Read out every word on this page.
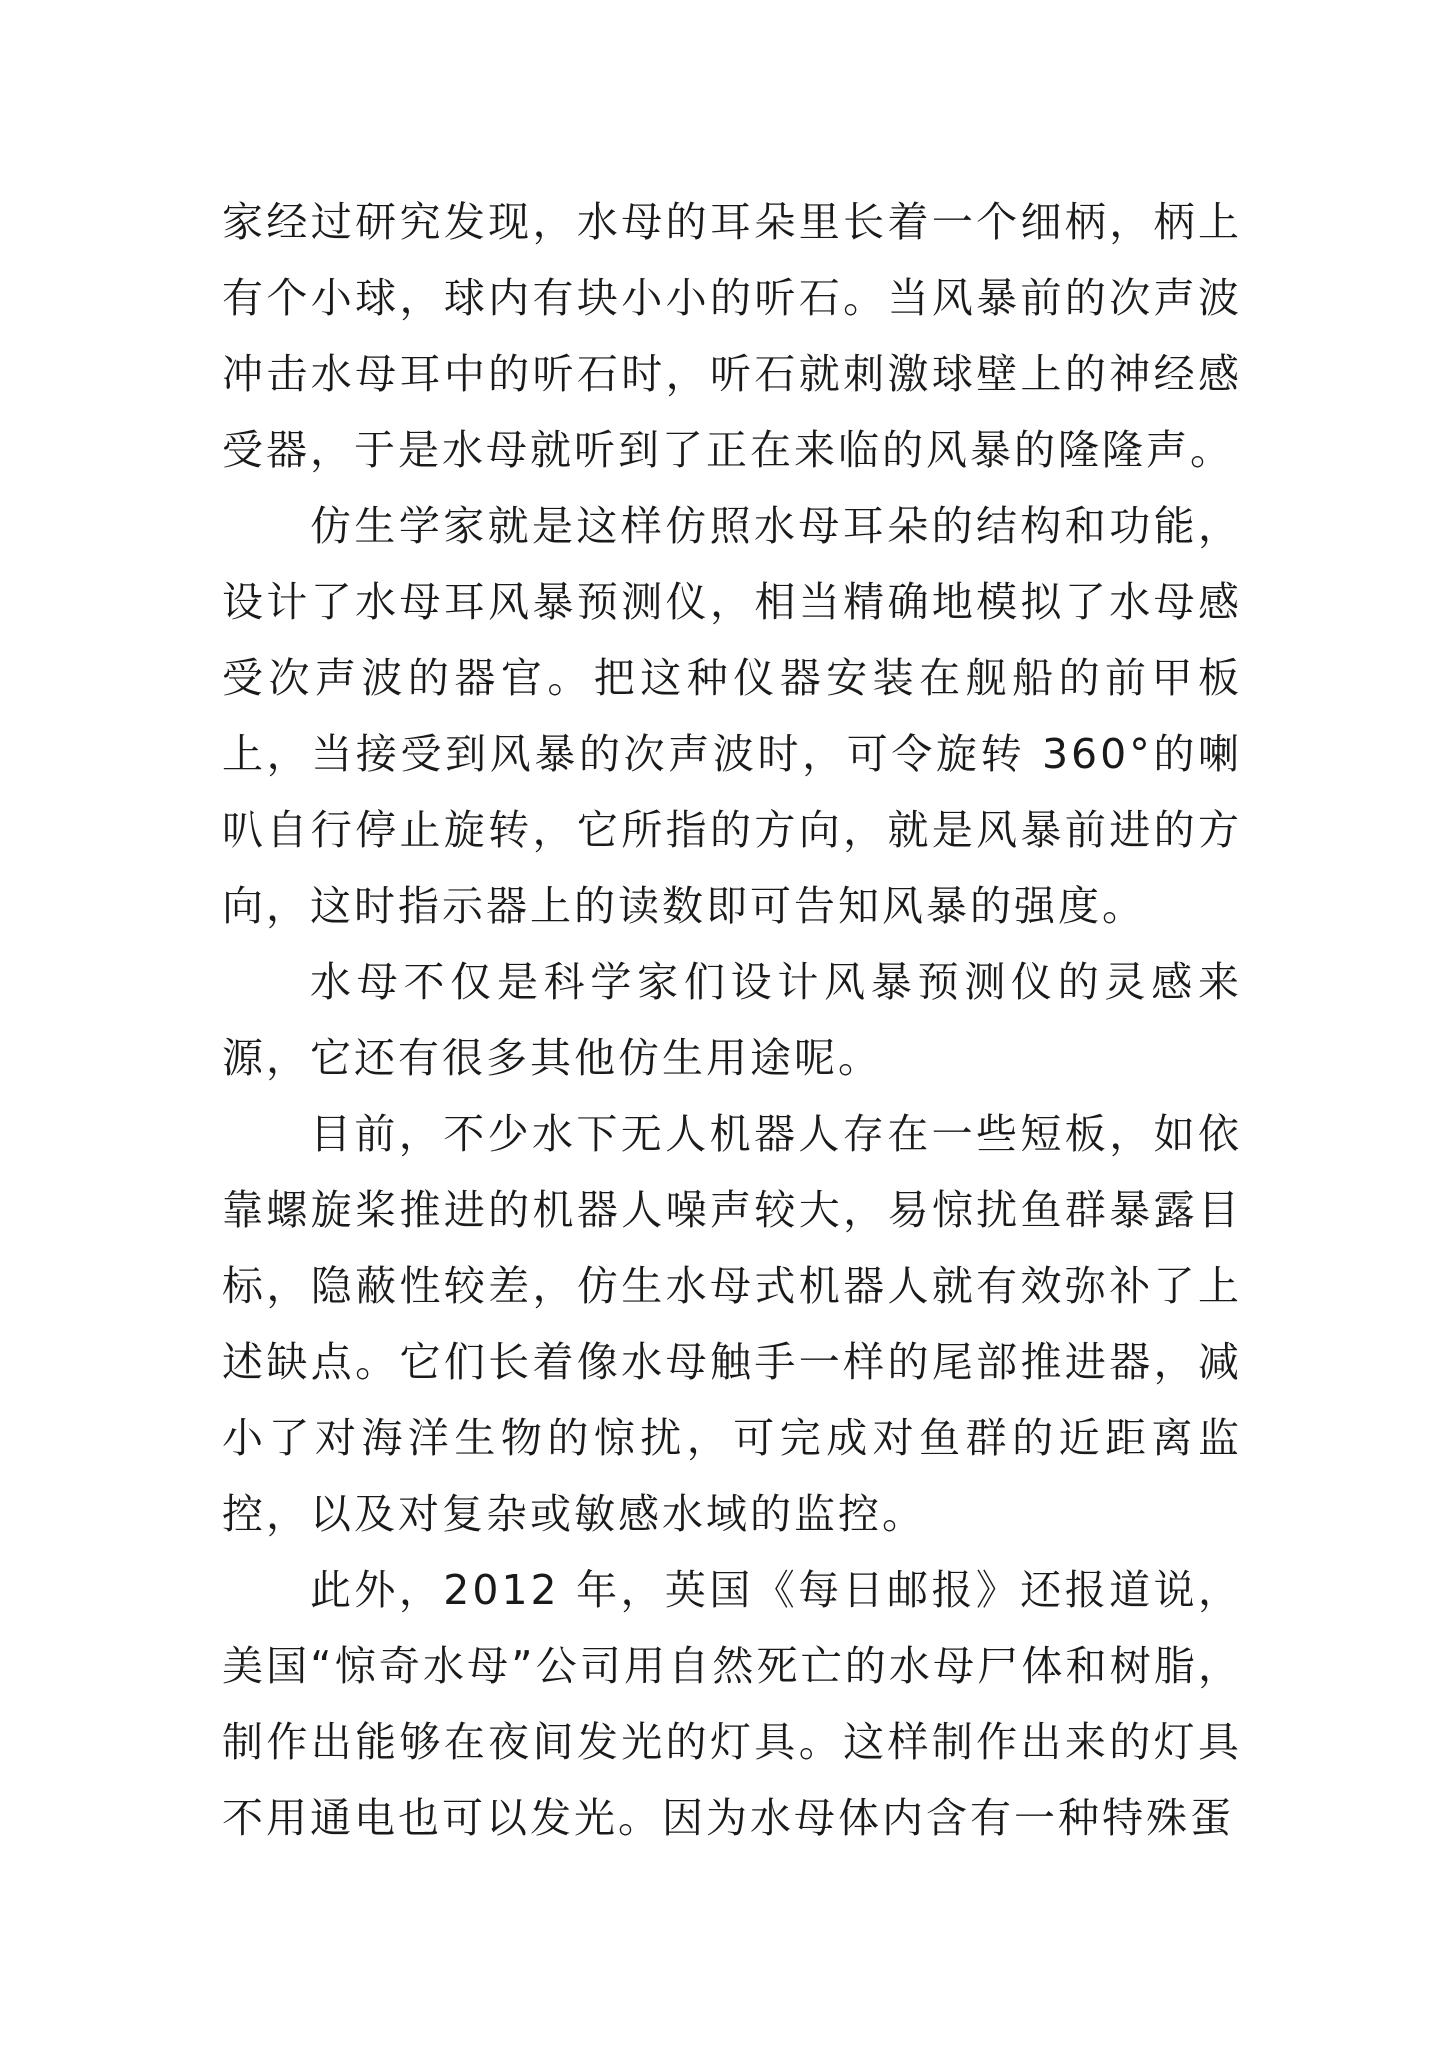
家经过研究发现，水母的耳朵里长着一个细柄，柄上有个小球，球内有块小小的听石。当风暴前的次声波冲击水母耳中的听石时，听石就刺激球壁上的神经感受器，于是水母就听到了正在来临的风暴的隆隆声。

仿生学家就是这样仿照水母耳朵的结构和功能，设计了水母耳风暴预测仪，相当精确地模拟了水母感受次声波的器官。把这种仪器安装在舰船的前甲板上，当接受到风暴的次声波时，可令旋转 360°的喇叭自行停止旋转，它所指的方向，就是风暴前进的方向，这时指示器上的读数即可告知风暴的强度。

水母不仅是科学家们设计风暴预测仪的灵感来源，它还有很多其他仿生用途呢。

目前，不少水下无人机器人存在一些短板，如依靠螺旋桨推进的机器人噪声较大，易惊扰鱼群暴露目标，隐蔽性较差，仿生水母式机器人就有效弥补了上述缺点。它们长着像水母触手一样的尾部推进器，减小了对海洋生物的惊扰，可完成对鱼群的近距离监控，以及对复杂或敏感水域的监控。

此外，2012 年，英国《每日邮报》还报道说，美国“惊奇水母”公司用自然死亡的水母尸体和树脂，制作出能够在夜间发光的灯具。这样制作出来的灯具不用通电也可以发光。因为水母体内含有一种特殊蛋
